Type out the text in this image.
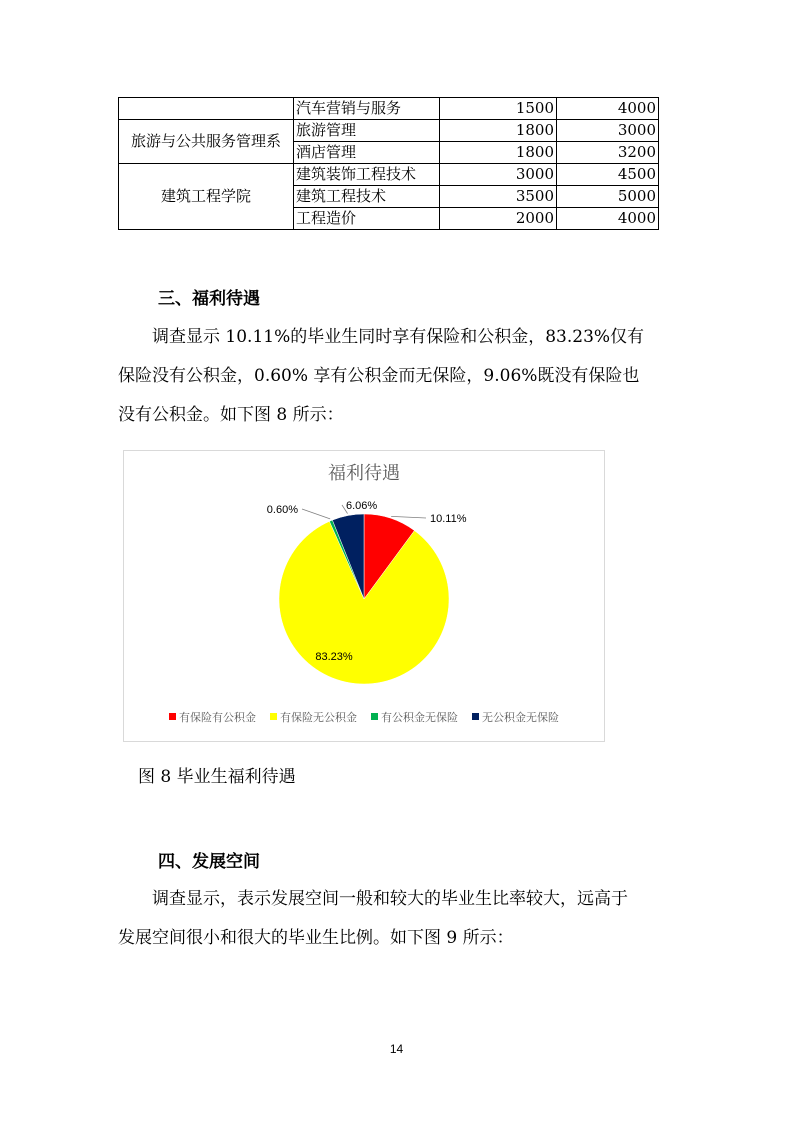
	汽车营销与服务	1500	4000
旅游与公共服务管理系	旅游管理	1800	3000
	酒店管理	1800	3200
建筑工程学院	建筑装饰工程技术	3000	4500
	建筑工程技术	3500	5000
	工程造价	2000	4000
三、福利待遇

调查显示 10.11%的毕业生同时享有保险和公积金，83.23%仅有
保险没有公积金，0.60% 享有公积金而无保险，9.06%既没有保险也
没有公积金。如下图 8 所示：

福利待遇
10.11%
83.23%
0.60%	6.06%
有保险有公积金 有保险无公积金 有公积金无保险 无公积金无保险
图 8 毕业生福利待遇
四、发展空间

调查显示，表示发展空间一般和较大的毕业生比率较大，远高于
发展空间很小和很大的毕业生比例。如下图 9 所示：

14
